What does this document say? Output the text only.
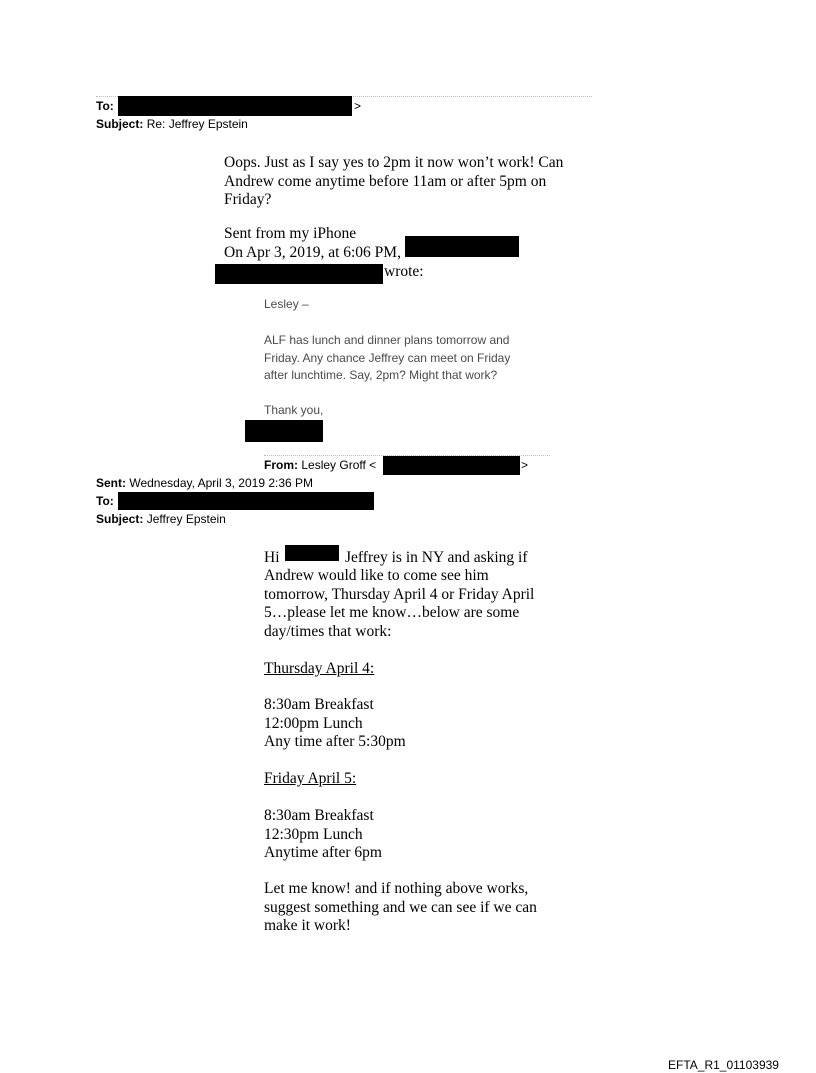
To:	>
Subject: Re: Jeffrey Epstein
Oops. Just as I say yes to 2pm it now won’t work! Can
Andrew come anytime before 11am or after 5pm on
Friday?
Sent from my iPhone
On Apr 3, 2019, at 6:06 PM,
wrote:
Lesley –
ALF has lunch and dinner plans tomorrow and
Friday. Any chance Jeffrey can meet on Friday
after lunchtime. Say, 2pm? Might that work?
Thank you,
From: Lesley Groff <	>
Sent: Wednesday, April 3, 2019 2:36 PM
To:
Subject: Jeffrey Epstein
Hi	Jeffrey is in NY and asking if
Andrew would like to come see him
tomorrow, Thursday April 4 or Friday April
5…please let me know…below are some
day/times that work:
Thursday April 4:
8:30am Breakfast
12:00pm Lunch
Any time after 5:30pm
Friday April 5:
8:30am Breakfast
12:30pm Lunch
Anytime after 6pm
Let me know! and if nothing above works,
suggest something and we can see if we can
make it work!
EFTA_R1_01103939
